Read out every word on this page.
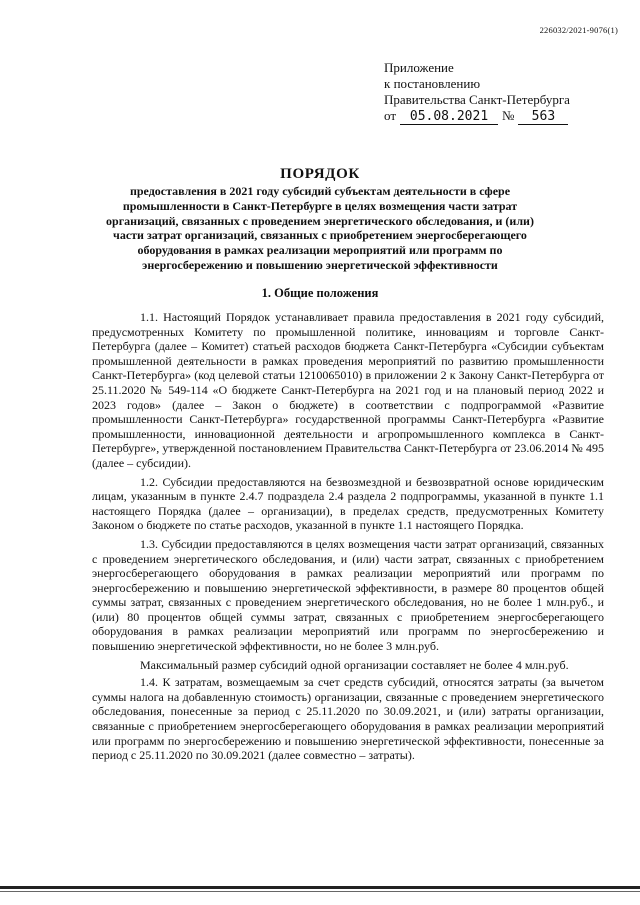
226032/2021-9076(1)
Приложение
к постановлению
Правительства Санкт-Петербурга
от	05.08.2021	№	563
ПОРЯДОК
предоставления в 2021 году субсидий субъектам деятельности в сфере промышленности в Санкт-Петербурге в целях возмещения части затрат организаций, связанных с проведением энергетического обследования, и (или) части затрат организаций, связанных с приобретением энергосберегающего оборудования в рамках реализации мероприятий или программ по энергосбережению и повышению энергетической эффективности
1. Общие положения

1.1. Настоящий Порядок устанавливает правила предоставления в 2021 году субсидий, предусмотренных Комитету по промышленной политике, инновациям и торговле Санкт-Петербурга (далее – Комитет) статьей расходов бюджета Санкт-Петербурга «Субсидии субъектам промышленной деятельности в рамках проведения мероприятий по развитию промышленности Санкт-Петербурга» (код целевой статьи 1210065010) в приложении 2 к Закону Санкт-Петербурга от 25.11.2020 № 549-114 «О бюджете Санкт-Петербурга на 2021 год и на плановый период 2022 и 2023 годов» (далее – Закон о бюджете) в соответствии с подпрограммой «Развитие промышленности Санкт-Петербурга» государственной программы Санкт-Петербурга «Развитие промышленности, инновационной деятельности и агропромышленного комплекса в Санкт-Петербурге», утвержденной постановлением Правительства Санкт-Петербурга от 23.06.2014 № 495 (далее – субсидии).

1.2. Субсидии предоставляются на безвозмездной и безвозвратной основе юридическим лицам, указанным в пункте 2.4.7 подраздела 2.4 раздела 2 подпрограммы, указанной в пункте 1.1 настоящего Порядка (далее – организации), в пределах средств, предусмотренных Комитету Законом о бюджете по статье расходов, указанной в пункте 1.1 настоящего Порядка.

1.3. Субсидии предоставляются в целях возмещения части затрат организаций, связанных с проведением энергетического обследования, и (или) части затрат, связанных с приобретением энергосберегающего оборудования в рамках реализации мероприятий или программ по энергосбережению и повышению энергетической эффективности, в размере 80 процентов общей суммы затрат, связанных с проведением энергетического обследования, но не более 1 млн.руб., и (или) 80 процентов общей суммы затрат, связанных с приобретением энергосберегающего оборудования в рамках реализации мероприятий или программ по энергосбережению и повышению энергетической эффективности, но не более 3 млн.руб.

Максимальный размер субсидий одной организации составляет не более 4 млн.руб.

1.4. К затратам, возмещаемым за счет средств субсидий, относятся затраты (за вычетом суммы налога на добавленную стоимость) организации, связанные с проведением энергетического обследования, понесенные за период с 25.11.2020 по 30.09.2021, и (или) затраты организации, связанные с приобретением энергосберегающего оборудования в рамках реализации мероприятий или программ по энергосбережению и повышению энергетической эффективности, понесенные за период с 25.11.2020 по 30.09.2021 (далее совместно – затраты).
